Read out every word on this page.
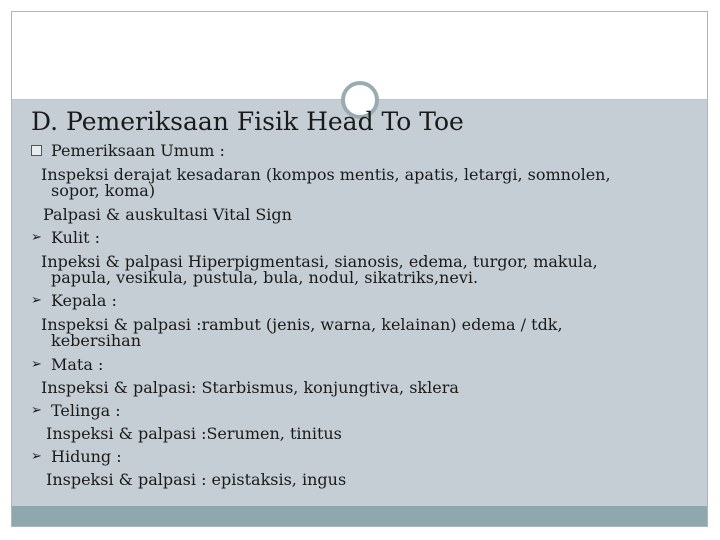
D. Pemeriksaan Fisik Head To Toe

Pemeriksaan Umum :

Inspeksi derajat kesadaran (kompos mentis, apatis, letargi, somnolen,

sopor, koma)

Palpasi & auskultasi Vital Sign

➢ Kulit :

Inpeksi & palpasi Hiperpigmentasi, sianosis, edema, turgor, makula,

papula, vesikula, pustula, bula, nodul, sikatriks,nevi.

➢ Kepala :

Inspeksi & palpasi :rambut (jenis, warna, kelainan) edema / tdk,

kebersihan

➢ Mata :

Inspeksi & palpasi: Starbismus, konjungtiva, sklera

➢ Telinga :

Inspeksi & palpasi :Serumen, tinitus

➢ Hidung :

Inspeksi & palpasi : epistaksis, ingus
